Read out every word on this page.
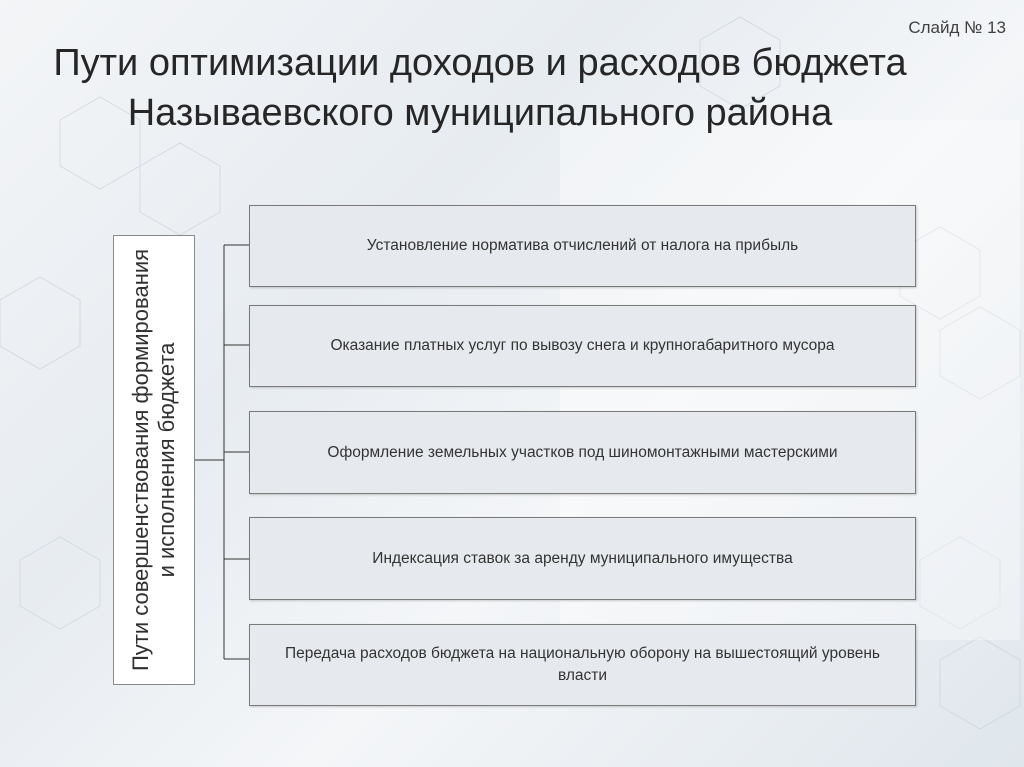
Слайд № 13
Пути оптимизации доходов и расходов бюджета Называевского муниципального района
Пути совершенствования формирования и исполнения бюджета
Установление норматива отчислений от налога на прибыль
Оказание платных услуг по вывозу снега и крупногабаритного мусора
Оформление земельных участков под шиномонтажными мастерскими
Индексация ставок за аренду муниципального имущества
Передача расходов бюджета на национальную оборону на вышестоящий уровень власти
